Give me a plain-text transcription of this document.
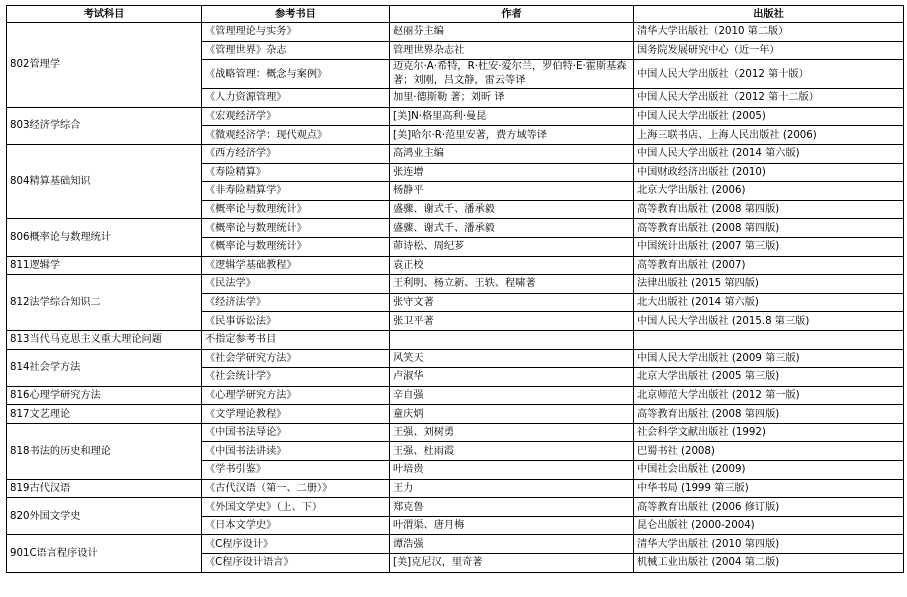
考试科目	参考书目	作者	出版社
802管理学	《管理理论与实务》	赵丽芬主编	清华大学出版社（2010 第二版）
	《管理世界》杂志	管理世界杂志社	国务院发展研究中心（近一年）
	《战略管理：概念与案例》	迈克尔·A·希特，R·杜安·爱尔兰，罗伯特·E·霍斯基森 著；刘刚，吕文静，雷云等译	中国人民大学出版社（2012 第十版）
	《人力资源管理》	加里·德斯勒 著；刘昕 译	中国人民大学出版社（2012 第十二版）
803经济学综合	《宏观经济学》	[美]N·格里高利·曼昆	中国人民大学出版社 (2005)
	《微观经济学：现代观点》	[美]哈尔·R·范里安著，费方域等译	上海三联书店、上海人民出版社 (2006)
804精算基础知识	《西方经济学》	高鸿业主编	中国人民大学出版社 (2014 第六版)
	《寿险精算》	张连增	中国财政经济出版社 (2010)
	《非寿险精算学》	杨静平	北京大学出版社 (2006)
	《概率论与数理统计》	盛骤、谢式千、潘承毅	高等教育出版社 (2008 第四版)
806概率论与数理统计	《概率论与数理统计》	盛骤、谢式千、潘承毅	高等教育出版社 (2008 第四版)
	《概率论与数理统计》	茆诗松、周纪芗	中国统计出版社 (2007 第三版)
811逻辑学	《逻辑学基础教程》	袁正校	高等教育出版社 (2007)
812法学综合知识二	《民法学》	王利明、杨立新、王轶、程啸著	法律出版社 (2015 第四版)
	《经济法学》	张守文著	北大出版社 (2014 第六版)
	《民事诉讼法》	张卫平著	中国人民大学出版社 (2015.8 第三版)
813当代马克思主义重大理论问题	不指定参考书目		
814社会学方法	《社会学研究方法》	风笑天	中国人民大学出版社 (2009 第三版)
	《社会统计学》	卢淑华	北京大学出版社 (2005 第三版)
816心理学研究方法	《心理学研究方法》	辛自强	北京师范大学出版社 (2012 第一版)
817文艺理论	《文学理论教程》	童庆炳	高等教育出版社 (2008 第四版)
818书法的历史和理论	《中国书法导论》	王强、刘树勇	社会科学文献出版社 (1992)
	《中国书法讲读》	王强、杜雨霞	巴蜀书社 (2008)
	《学书引鉴》	叶培贵	中国社会出版社 (2009)
819古代汉语	《古代汉语（第一、二册）》	王力	中华书局 (1999 第三版)
820外国文学史	《外国文学史》（上、下）	郑克鲁	高等教育出版社 (2006 修订版)
	《日本文学史》	叶渭渠、唐月梅	昆仑出版社 (2000-2004)
901C语言程序设计	《C程序设计》	谭浩强	清华大学出版社 (2010 第四版)
	《C程序设计语言》	[美]克尼汉，里奇著	机械工业出版社 (2004 第二版)
